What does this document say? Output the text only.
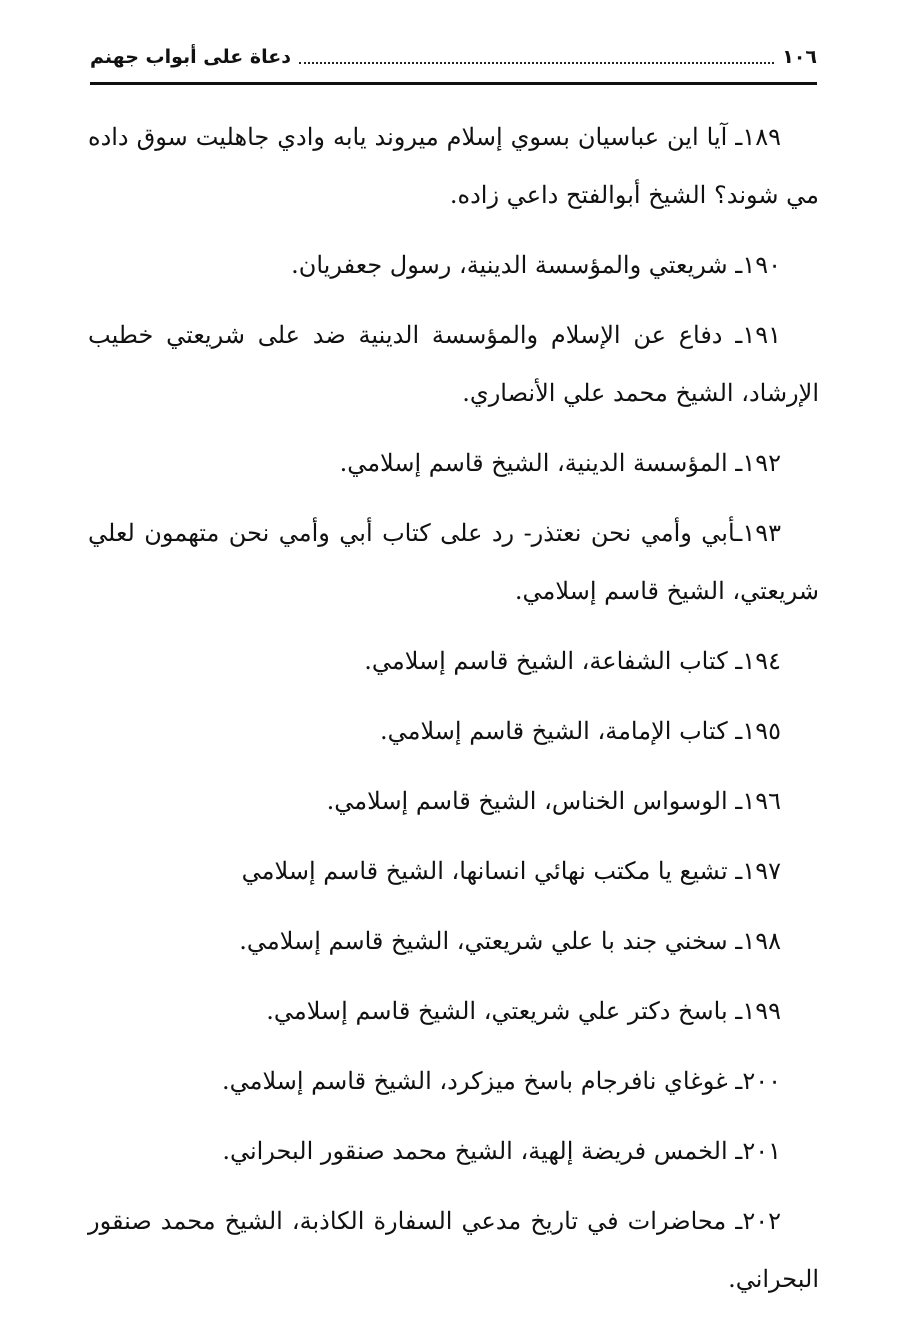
١٠٦
دعاة على أبواب جهنم
١٨٩ـ آيا اين عباسيان بسوي إسلام ميروند يابه وادي جاهليت سوق داده مي شوند؟ الشيخ أبوالفتح داعي زاده.
١٩٠ـ شريعتي والمؤسسة الدينية، رسول جعفريان.
١٩١ـ دفاع عن الإسلام والمؤسسة الدينية ضد على شريعتي خطيب الإرشاد، الشيخ محمد علي الأنصاري.
١٩٢ـ المؤسسة الدينية، الشيخ قاسم إسلامي.
١٩٣ـأبي وأمي نحن نعتذر- رد على كتاب أبي وأمي نحن متهمون لعلي شريعتي، الشيخ قاسم إسلامي.
١٩٤ـ كتاب الشفاعة، الشيخ قاسم إسلامي.
١٩٥ـ كتاب الإمامة، الشيخ قاسم إسلامي.
١٩٦ـ الوسواس الخناس، الشيخ قاسم إسلامي.
١٩٧ـ تشيع يا مكتب نهائي انسانها، الشيخ قاسم إسلامي
١٩٨ـ سخني جند با علي شريعتي، الشيخ قاسم إسلامي.
١٩٩ـ باسخ دكتر علي شريعتي، الشيخ قاسم إسلامي.
٢٠٠ـ غوغاي نافرجام باسخ ميزكرد، الشيخ قاسم إسلامي.
٢٠١ـ الخمس فريضة إلهية، الشيخ محمد صنقور البحراني.
٢٠٢ـ محاضرات في تاريخ مدعي السفارة الكاذبة، الشيخ محمد صنقور البحراني.
